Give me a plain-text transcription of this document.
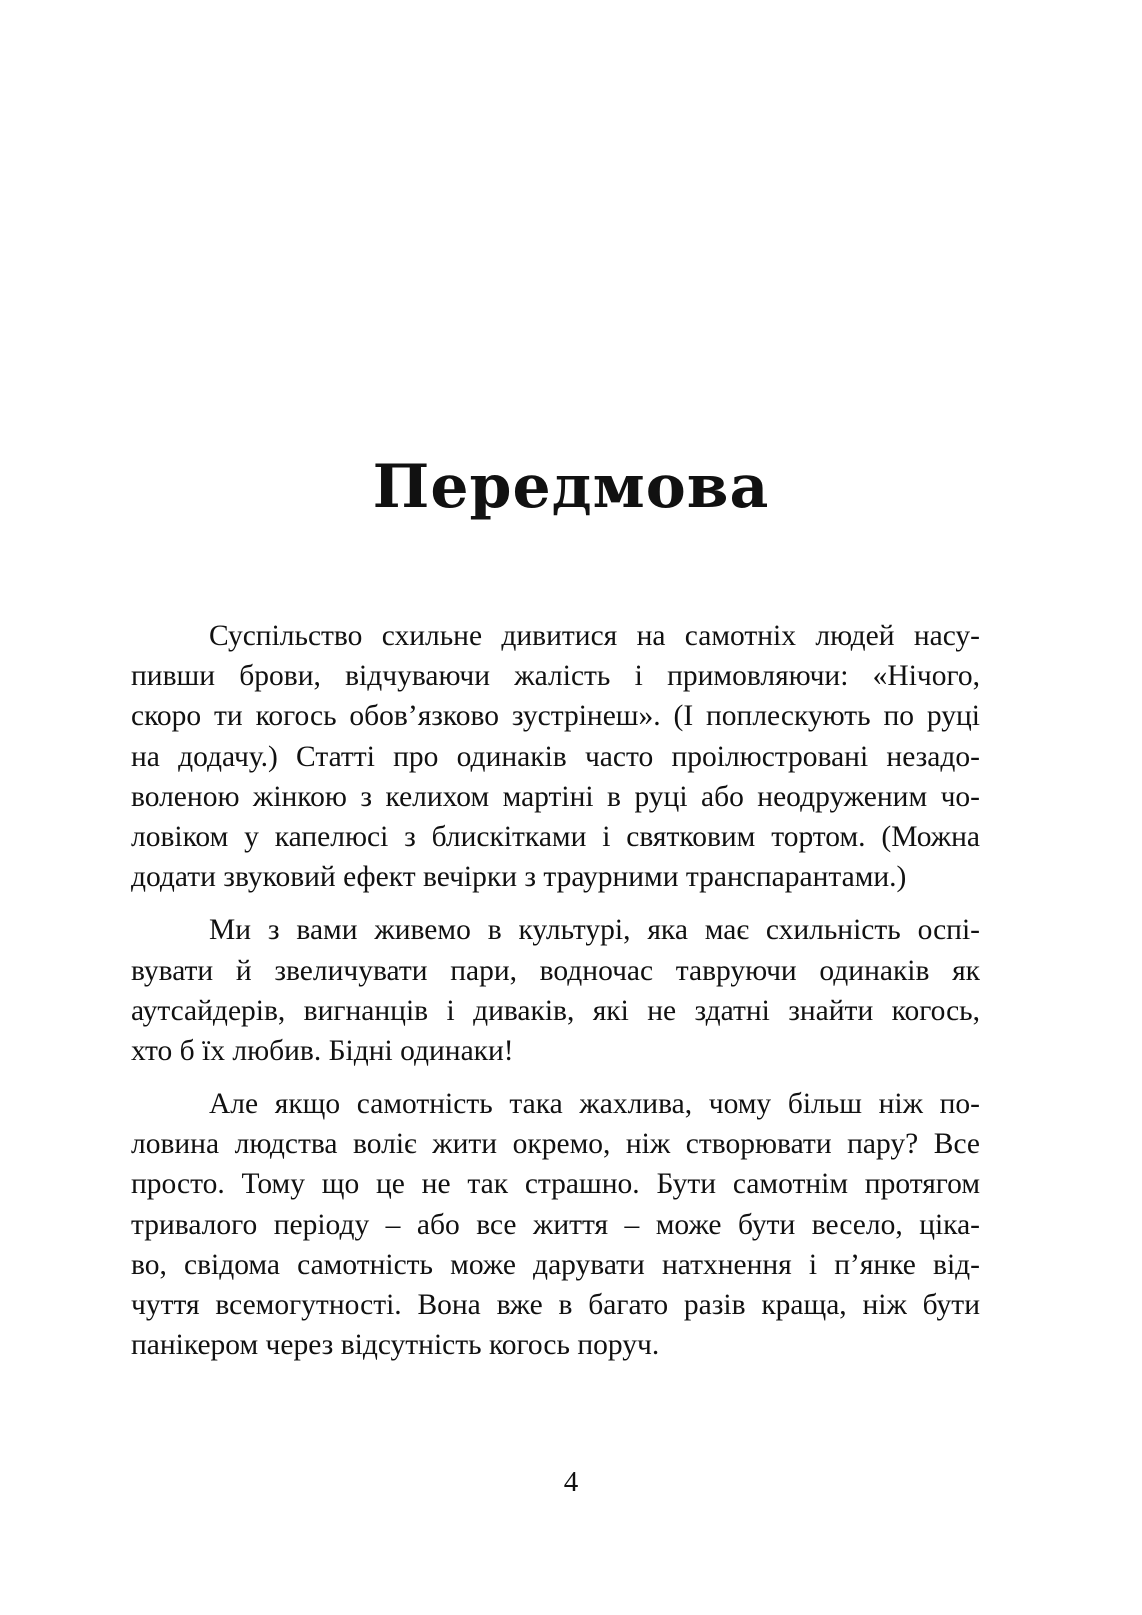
Передмова
Суспільство схильне дивитися на самотніх людей насу-
пивши брови, відчуваючи жалість і примовляючи: «Нічого,
скоро ти когось обов’язково зустрінеш». (І поплескують по руці
на додачу.) Статті про одинаків часто проілюстровані незадо-
воленою жінкою з келихом мартіні в руці або неодруженим чо-
ловіком у капелюсі з блискітками і святковим тортом. (Можна
додати звуковий ефект вечірки з траурними транспарантами.)
Ми з вами живемо в культурі, яка має схильність оспі-
вувати й звеличувати пари, водночас тавруючи одинаків як
аутсайдерів, вигнанців і диваків, які не здатні знайти когось,
хто б їх любив. Бідні одинаки!
Але якщо самотність така жахлива, чому більш ніж по-
ловина людства воліє жити окремо, ніж створювати пару? Все
просто. Тому що це не так страшно. Бути самотнім протягом
тривалого періоду – або все життя – може бути весело, ціка-
во, свідома самотність може дарувати натхнення і п’янке від-
чуття всемогутності. Вона вже в багато разів краща, ніж бути
панікером через відсутність когось поруч.
4
